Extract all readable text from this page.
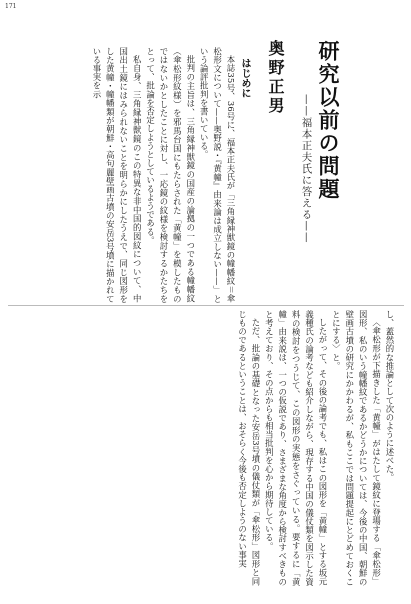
171
研究以前の問題
——福本正夫氏に答える——
奥野正男
はじめに

本誌35号、36号に、福本正夫氏が「三角縁神獣鏡の幢幡紋＝傘松形文について——奥野説・『黄幢』由来論は成立しない——」という論評批判を書いている。

批判の主旨は、三角縁神獣鏡の国産の論拠の一つである幢幡紋（傘松形紋様）を邪馬台国にもたらされた「黄幢」を模したものではないかとしたことに対し、一応鏡の紋様を検討するかたちをとって、批論を否定しようとしているようである。

私自身、三角縁神獣鏡のこの特異な非中国的図紋について、中国出土鏡にはみられないことを明らかにしたうえで、同じ図形をした黄幢・幢幡類が朝鮮・高句麗壁画古墳の安岳3号墳に描かれている事実を示

し、蓋然的な推論として次のように述べた。

〈傘松形が下描きした「黄幢」がはたして鏡紋に登場する「傘松形」図形、私のいう幢幡紋であるかどうかについては、今後の中国、朝鮮の壁画古墳の研究にかかわるが、私もここでは問題提起にとどめておくことにする〉と。

したがって、その後の論考でも、私はこの図形を「黄幢」とする坂元義種氏の論考なども紹介しながら、現存する中国の儀仗類を図示した資料の検討をつうじて、この図形の実態をさぐっている。要するに「黄幢」由来説は、一つの仮説であり、さまざまな角度から検討すべきものと考えており、その点からも相当批判を心から期待している。

ただ、批論の基礎となった安岳3号墳の儀仗類が「傘松形」図形と同じものであるということは、おそらく今後も否定しようのない事実
